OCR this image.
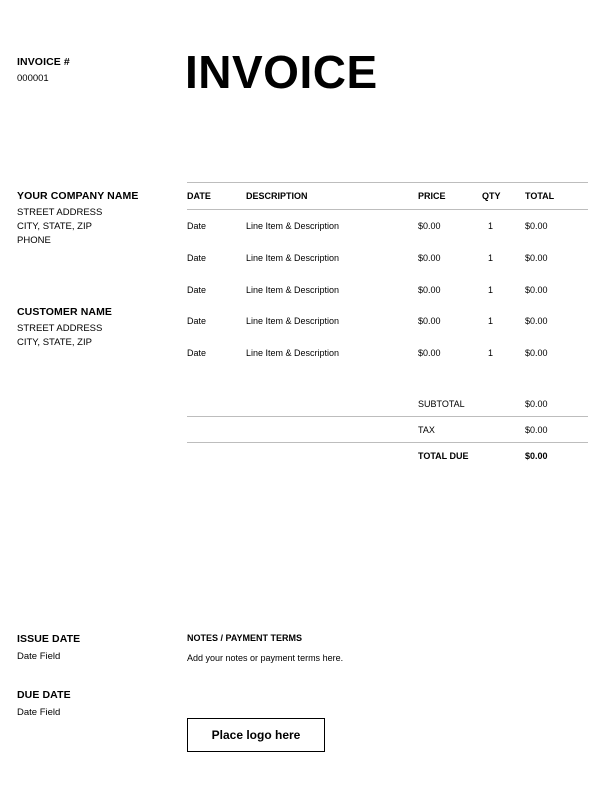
INVOICE #
000001	INVOICE
YOUR COMPANY NAME
STREET ADDRESS
CITY, STATE, ZIP
PHONE
CUSTOMER NAME
STREET ADDRESS
CITY, STATE, ZIP
DATE	DESCRIPTION	PRICE	QTY	TOTAL
Date	Line Item & Description	$0.00	1	$0.00
Date	Line Item & Description	$0.00	1	$0.00
Date	Line Item & Description	$0.00	1	$0.00
Date	Line Item & Description	$0.00	1	$0.00
Date	Line Item & Description	$0.00	1	$0.00
SUBTOTAL	$0.00
TAX	$0.00
TOTAL DUE	$0.00
ISSUE DATE
Date Field
DUE DATE
Date Field
NOTES / PAYMENT TERMS
Add your notes or payment terms here.
Place logo here
